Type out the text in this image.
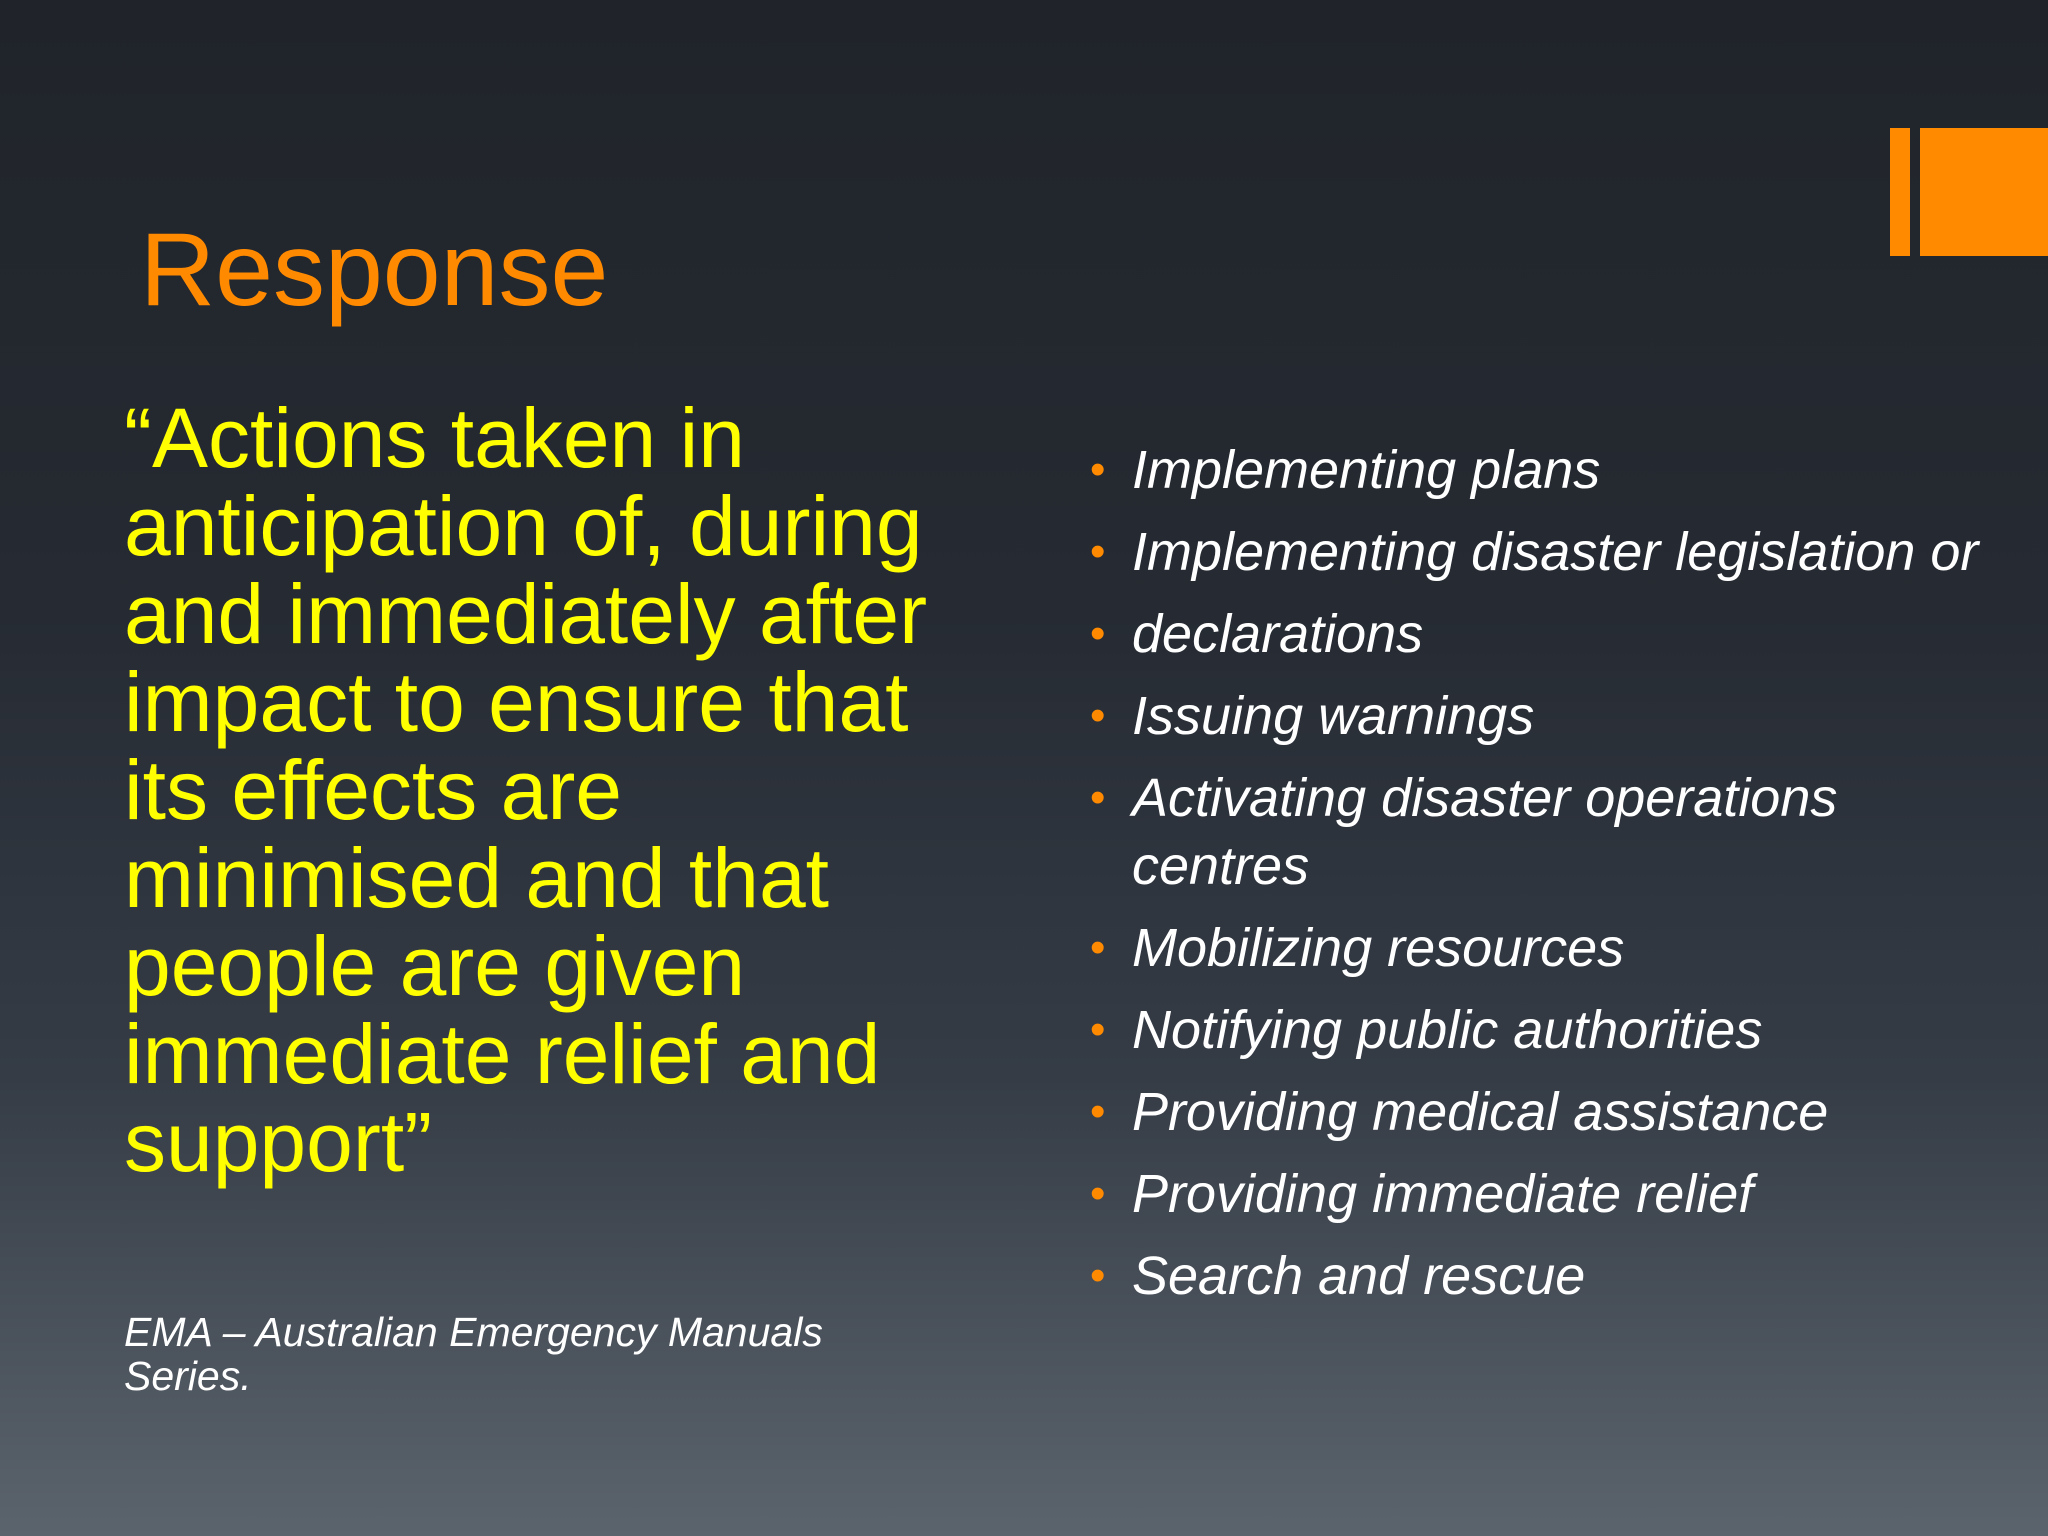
Response
“Actions taken in anticipation of, during and immediately after impact to ensure that its effects are minimised and that people are given immediate relief and support”
EMA – Australian Emergency Manuals Series.
• Implementing plans
• Implementing disaster legislation or
• declarations
• Issuing warnings
• Activating disaster operations centres
• Mobilizing resources
• Notifying public authorities
• Providing medical assistance
• Providing immediate relief
• Search and rescue
